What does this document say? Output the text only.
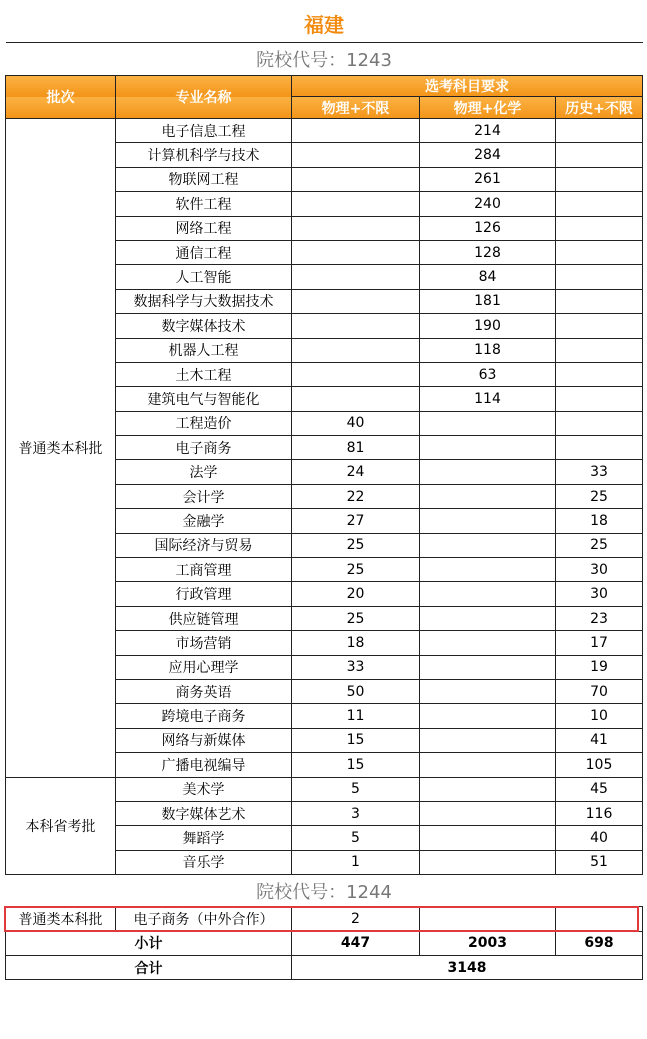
福建				
院校代号：1243				
批次	专业名称	选考科目要求		
		物理+不限	物理+化学	历史+不限
普通类本科批	电子信息工程		214	
	计算机科学与技术		284	
	物联网工程		261	
	软件工程		240	
	网络工程		126	
	通信工程		128	
	人工智能		84	
	数据科学与大数据技术		181	
	数字媒体技术		190	
	机器人工程		118	
	土木工程		63	
	建筑电气与智能化		114	
	工程造价	40		
	电子商务	81		
	法学	24		33
	会计学	22		25
	金融学	27		18
	国际经济与贸易	25		25
	工商管理	25		30
	行政管理	20		30
	供应链管理	25		23
	市场营销	18		17
	应用心理学	33		19
	商务英语	50		70
	跨境电子商务	11		10
	网络与新媒体	15		41
	广播电视编导	15		105
本科省考批	美术学	5		45
	数字媒体艺术	3		116
	舞蹈学	5		40
	音乐学	1		51
院校代号：1244				
普通类本科批	电子商务（中外合作）	2		
小计		447	2003	698
合计		3148		
